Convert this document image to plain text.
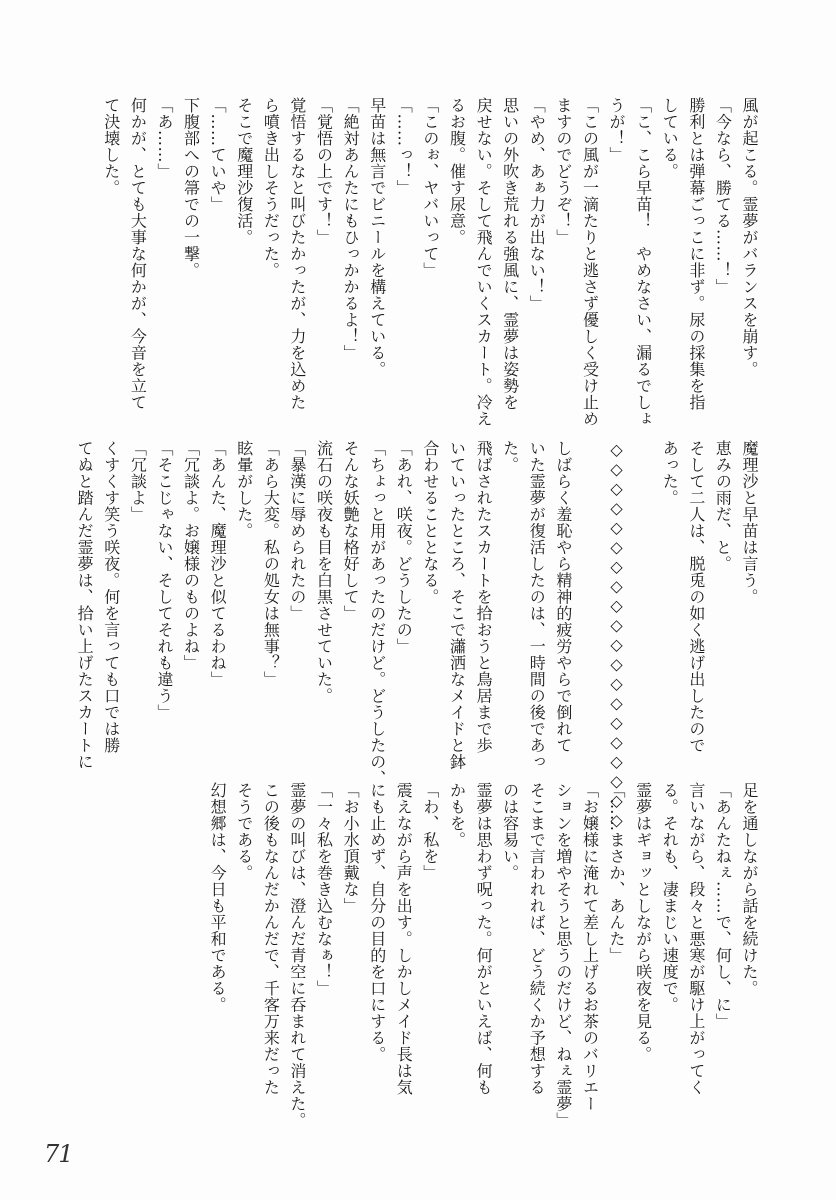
風が起こる。霊夢がバランスを崩す。
「今なら、勝てる……！」
勝利とは弾幕ごっこに非ず。尿の採集を指
している。
「こ、こら早苗！　やめなさい、漏るでしょ
うが！」
「この風が一滴たりと逃さず優しく受け止め
ますのでどうぞ！」
「やめ、あぁ力が出ない！」
思いの外吹き荒れる強風に、霊夢は姿勢を
戻せない。そして飛んでいくスカート。冷え
るお腹。催す尿意。
「このぉ、ヤバいって」
「……っ！」
早苗は無言でビニールを構えている。
「絶対あんたにもひっかかるよ！」
「覚悟の上です！」
覚悟するなと叫びたかったが、力を込めた
ら噴き出しそうだった。
そこで魔理沙復活。
「……ていや」
下腹部への箒での一撃。
「あ……」
何かが、とても大事な何かが、今音を立て
て決壊した。
魔理沙と早苗は言う。
恵みの雨だ、と。
そして二人は、脱兎の如く逃げ出したので
あった。

◇◇◇◇◇◇◇◇◇◇◇◇◇◇◇◇◇◇◇◇

しばらく羞恥やら精神的疲労やらで倒れて
いた霊夢が復活したのは、一時間の後であっ
た。
飛ばされたスカートを拾おうと鳥居まで歩
いていったところ、そこで瀟洒なメイドと鉢
合わせることとなる。
「あれ、咲夜。どうしたの」
「ちょっと用があったのだけど。どうしたの、
そんな妖艶な格好して」
流石の咲夜も目を白黒させていた。
「暴漢に辱められたの」
「あら大変。私の処女は無事？」
眩暈がした。
「あんた、魔理沙と似てるわね」
「冗談よ。お嬢様のものよね」
「そこじゃない、そしてそれも違う」
「冗談よ」
くすくす笑う咲夜。何を言っても口では勝
てぬと踏んだ霊夢は、拾い上げたスカートに
足を通しながら話を続けた。
「あんたねぇ……で、何し、に」
言いながら、段々と悪寒が駆け上がってく
る。それも、凄まじい速度で。
霊夢はギョッとしながら咲夜を見る。
「……まさか、あんた」
「お嬢様に淹れて差し上げるお茶のバリエー
ションを増やそうと思うのだけど、ねぇ霊夢」
そこまで言われれば、どう続くか予想する
のは容易い。
霊夢は思わず呪った。何がといえば、何も
かもを。
「わ、私を」
震えながら声を出す。しかしメイド長は気
にも止めず、自分の目的を口にする。
「お小水頂戴な」
「一々私を巻き込むなぁ！」
霊夢の叫びは、澄んだ青空に呑まれて消えた。
この後もなんだかんだで、千客万来だった
そうである。
幻想郷は、今日も平和である。
71
